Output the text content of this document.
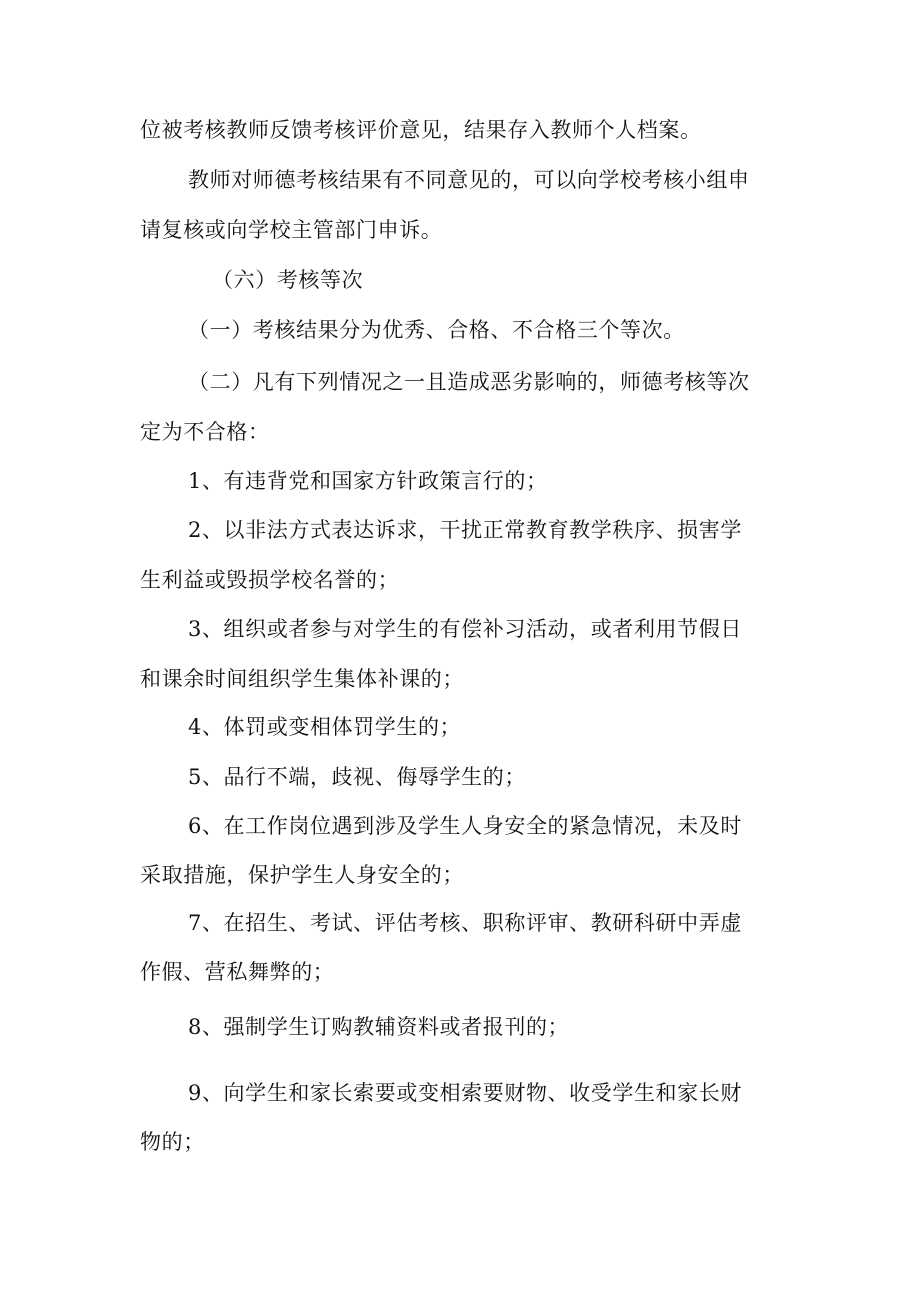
位被考核教师反馈考核评价意见，结果存入教师个人档案。
教师对师德考核结果有不同意见的，可以向学校考核小组申
请复核或向学校主管部门申诉。
（六）考核等次
（一）考核结果分为优秀、合格、不合格三个等次。
（二）凡有下列情况之一且造成恶劣影响的，师德考核等次
定为不合格：
1、有违背党和国家方针政策言行的；
2、以非法方式表达诉求，干扰正常教育教学秩序、损害学
生利益或毁损学校名誉的；
3、组织或者参与对学生的有偿补习活动，或者利用节假日
和课余时间组织学生集体补课的；
4、体罚或变相体罚学生的；
5、品行不端，歧视、侮辱学生的；
6、在工作岗位遇到涉及学生人身安全的紧急情况，未及时
采取措施，保护学生人身安全的；
7、在招生、考试、评估考核、职称评审、教研科研中弄虚
作假、营私舞弊的；
8、强制学生订购教辅资料或者报刊的；
9、向学生和家长索要或变相索要财物、收受学生和家长财
物的；
